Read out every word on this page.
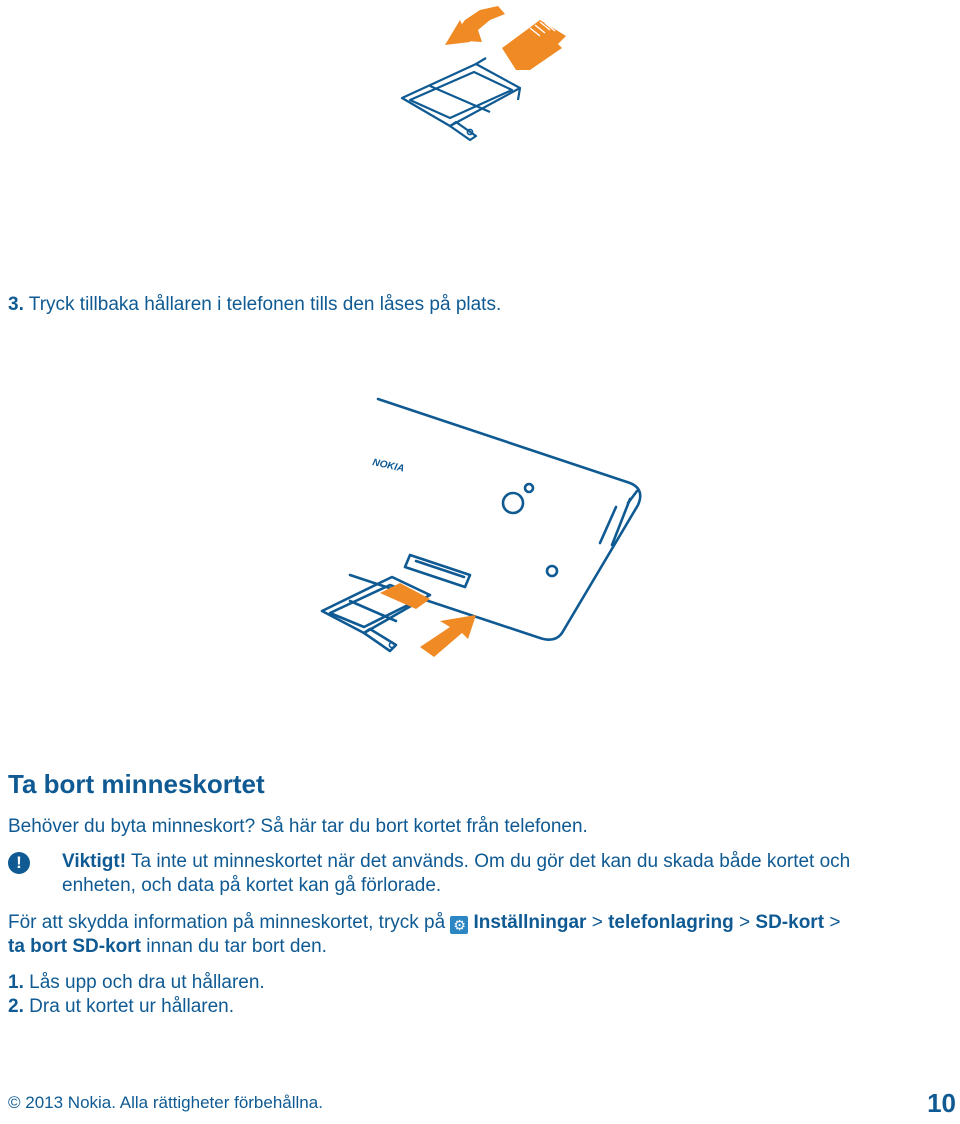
3. Tryck tillbaka hållaren i telefonen tills den låses på plats.
NOKIA
Ta bort minneskortet
Behöver du byta minneskort? Så här tar du bort kortet från telefonen.
!	Viktigt! Ta inte ut minneskortet när det används. Om du gör det kan du skada både kortet och
enheten, och data på kortet kan gå förlorade.
För att skydda information på minneskortet, tryck på ⚙ Inställningar > telefonlagring > SD-kort >
ta bort SD-kort innan du tar bort den.
1. Lås upp och dra ut hållaren.
2. Dra ut kortet ur hållaren.
© 2013 Nokia. Alla rättigheter förbehållna.	10
